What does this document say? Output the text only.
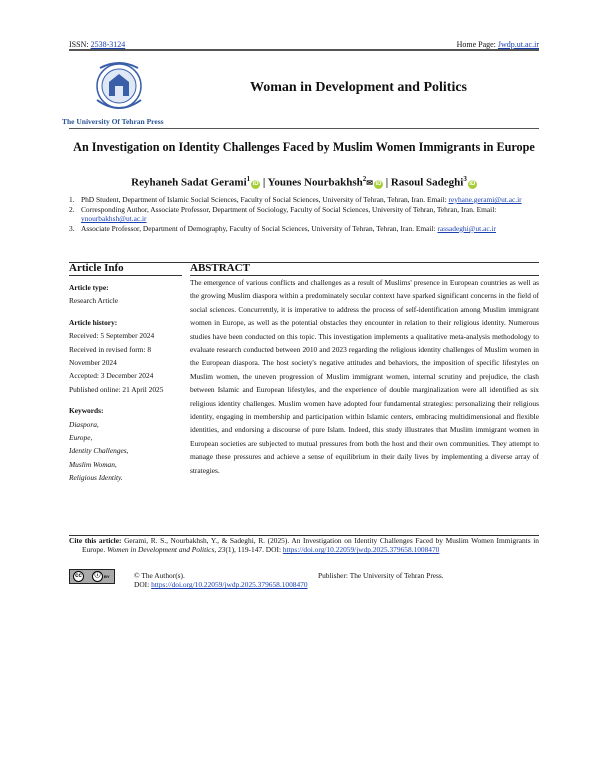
ISSN: 2538-3124	Home Page: Jwdp.ut.ac.ir
The University Of Tehran Press
Woman in Development and Politics
An Investigation on Identity Challenges Faced by Muslim Women Immigrants in Europe
Reyhaneh Sadat Gerami$^1$iD | Younes Nourbakhsh$^2$✉ iD | Rasoul Sadeghi$^3$iD
1. PhD Student, Department of Islamic Social Sciences, Faculty of Social Sciences, University of Tehran, Tehran, Iran. Email: reyhane.gerami@ut.ac.ir
2. Corresponding Author, Associate Professor, Department of Sociology, Faculty of Social Sciences, University of Tehran, Tehran, Iran. Email: ynourbakhsh@ut.ac.ir
3. Associate Professor, Department of Demography, Faculty of Social Sciences, University of Tehran, Tehran, Iran. Email: rassadeghi@ut.ac.ir
Article Info	ABSTRACT
Article type:
Research Article
Article history:
Received: 5 September 2024
Received in revised form: 8 November 2024
Accepted: 3 December 2024
Published online: 21 April 2025
Keywords:
Diaspora,
Europe,
Identity Challenges,
Muslim Woman,
Religious Identity.
The emergence of various conflicts and challenges as a result of Muslims' presence in European countries as well as the growing Muslim diaspora within a predominately secular context have sparked significant concerns in the field of social sciences. Concurrently, it is imperative to address the process of self-identification among Muslim immigrant women in Europe, as well as the potential obstacles they encounter in relation to their religious identity. Numerous studies have been conducted on this topic. This investigation implements a qualitative meta-analysis methodology to evaluate research conducted between 2010 and 2023 regarding the religious identity challenges of Muslim women in the European diaspora. The host society's negative attitudes and behaviors, the imposition of specific lifestyles on Muslim women, the uneven progression of Muslim immigrant women, internal scrutiny and prejudice, the clash between Islamic and European lifestyles, and the experience of double marginalization were all identified as six religious identity challenges. Muslim women have adopted four fundamental strategies: personalizing their religious identity, engaging in membership and participation within Islamic centers, embracing multidimensional and flexible identities, and endorsing a discourse of pure Islam. Indeed, this study illustrates that Muslim immigrant women in European societies are subjected to mutual pressures from both the host and their own communities. They attempt to manage these pressures and achieve a sense of equilibrium in their daily lives by implementing a diverse array of strategies.
Cite this article: Gerami, R. S., Nourbakhsh, Y., & Sadeghi, R. (2025). An Investigation on Identity Challenges Faced by Muslim Women Immigrants in Europe. Women in Development and Politics, 23(1), 119-147. DOI: https://doi.org/10.22059/jwdp.2025.379658.1008470
cc	ⓘ BY	© The Author(s).
DOI: https://doi.org/10.22059/jwdp.2025.379658.1008470
Publisher: The University of Tehran Press.
